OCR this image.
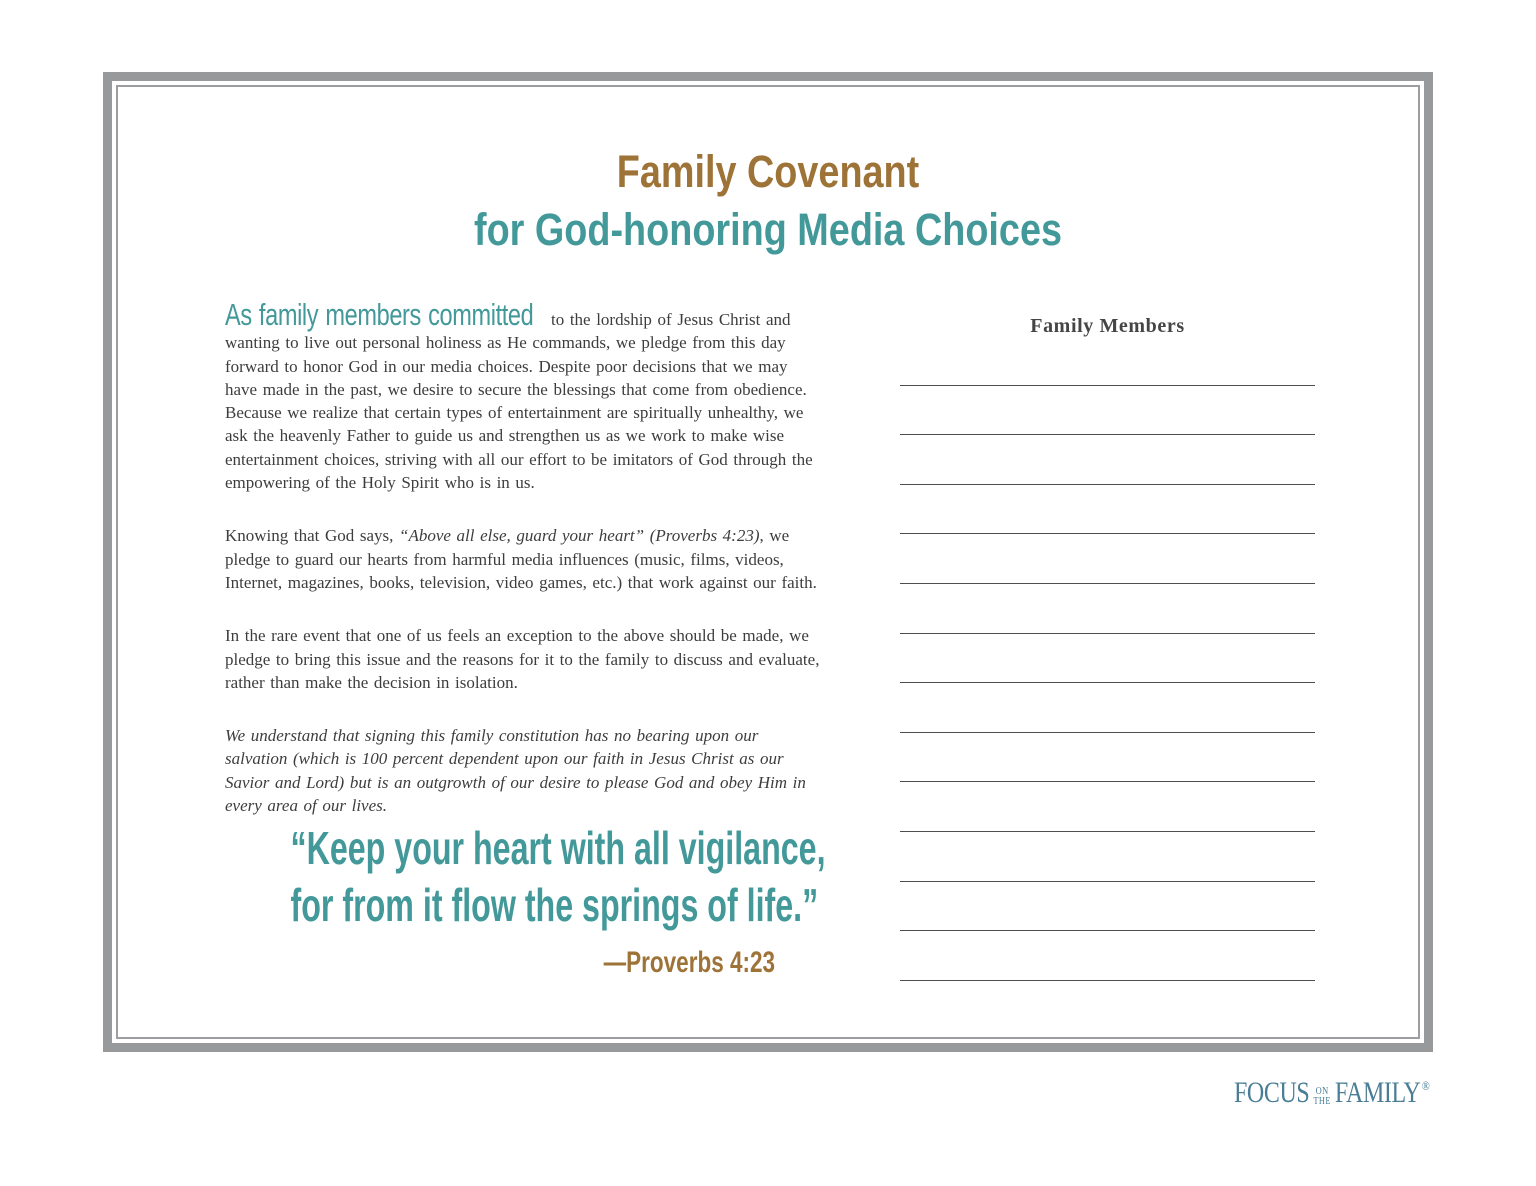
Family Covenant
for God-honoring Media Choices

As family members committed to the lordship of Jesus Christ and wanting to live out personal holiness as He commands, we pledge from this day forward to honor God in our media choices. Despite poor decisions that we may have made in the past, we desire to secure the blessings that come from obedience. Because we realize that certain types of entertainment are spiritually unhealthy, we ask the heavenly Father to guide us and strengthen us as we work to make wise entertainment choices, striving with all our effort to be imitators of God through the empowering of the Holy Spirit who is in us.

Knowing that God says, “Above all else, guard your heart” (Proverbs 4:23), we pledge to guard our hearts from harmful media influences (music, films, videos, Internet, magazines, books, television, video games, etc.) that work against our faith.

In the rare event that one of us feels an exception to the above should be made, we pledge to bring this issue and the reasons for it to the family to discuss and evaluate, rather than make the decision in isolation.

We understand that signing this family constitution has no bearing upon our salvation (which is 100 percent dependent upon our faith in Jesus Christ as our Savior and Lord) but is an outgrowth of our desire to please God and obey Him in every area of our lives.

“Keep your heart with all vigilance,
for from it flow the springs of life.”
—Proverbs 4:23
Family Members
FOCUS ON
THE FAMILY ®
